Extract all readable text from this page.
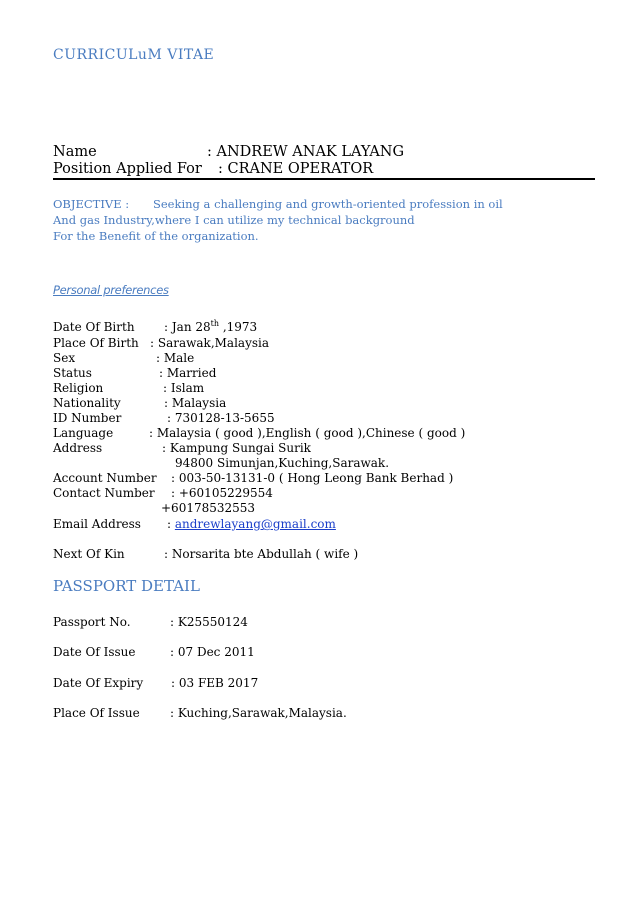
CURRICULuM VITAE
Name	: ANDREW ANAK LAYANG
Position Applied For : CRANE OPERATOR
OBJECTIVE : Seeking a challenging and growth-oriented profession in oil
And gas Industry,where I can utilize my technical background
For the Benefit of the organization.
Personal preferences
Date Of Birth : Jan 28th ,1973
Place Of Birth : Sarawak,Malaysia
Sex	: Male
Status	: Married
Religion	: Islam
Nationality	: Malaysia
ID Number	: 730128-13-5655
Language	: Malaysia ( good ),English ( good ),Chinese ( good )
Address	: Kampung Sungai Surik
94800 Simunjan,Kuching,Sarawak.
Account Number : 003-50-13131-0 ( Hong Leong Bank Berhad )
Contact Number : +60105229554
+60178532553
Email Address : andrewlayang@gmail.com
Next Of Kin	: Norsarita bte Abdullah ( wife )
PASSPORT DETAIL
Passport No.	: K25550124
Date Of Issue	: 07 Dec 2011
Date Of Expiry : 03 FEB 2017
Place Of Issue	: Kuching,Sarawak,Malaysia.
